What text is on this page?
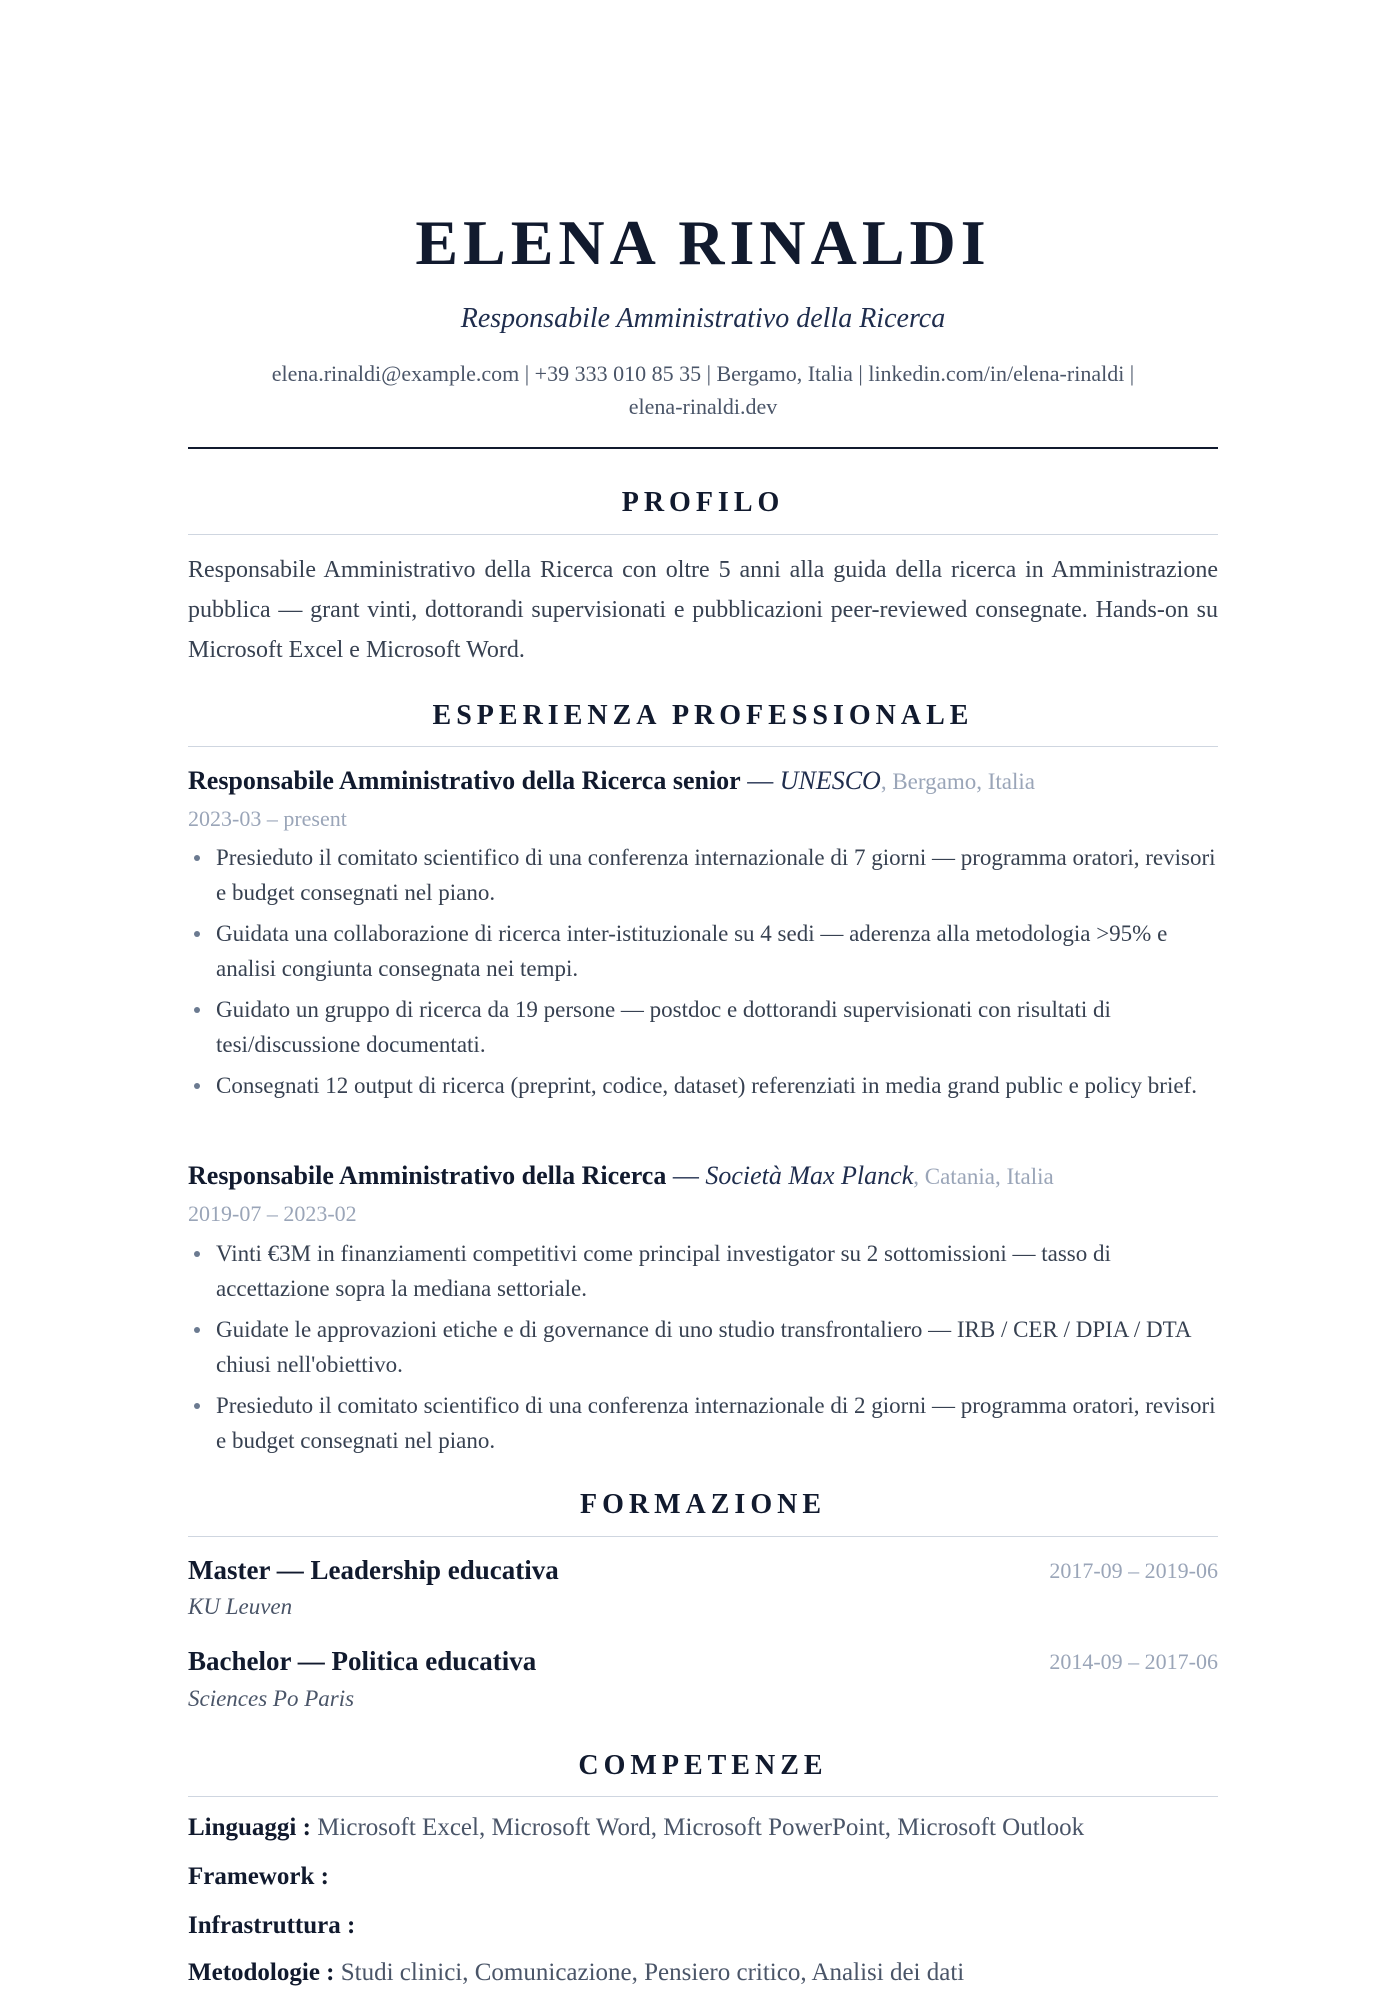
ELENA RINALDI
Responsabile Amministrativo della Ricerca
elena.rinaldi@example.com | +39 333 010 85 35 | Bergamo, Italia | linkedin.com/in/elena-rinaldi |
elena-rinaldi.dev
PROFILO

Responsabile Amministrativo della Ricerca con oltre 5 anni alla guida della ricerca in Amministrazione pubblica — grant vinti, dottorandi supervisionati e pubblicazioni peer-reviewed consegnate. Hands-on su Microsoft Excel e Microsoft Word.

ESPERIENZA PROFESSIONALE
Responsabile Amministrativo della Ricerca senior — UNESCO, Bergamo, Italia
2023-03 – present
Presieduto il comitato scientifico di una conferenza internazionale di 7 giorni — programma oratori, revisori e budget consegnati nel piano.
Guidata una collaborazione di ricerca inter-istituzionale su 4 sedi — aderenza alla metodologia >95% e analisi congiunta consegnata nei tempi.
Guidato un gruppo di ricerca da 19 persone — postdoc e dottorandi supervisionati con risultati di tesi/discussione documentati.
Consegnati 12 output di ricerca (preprint, codice, dataset) referenziati in media grand public e policy brief.
Responsabile Amministrativo della Ricerca — Società Max Planck, Catania, Italia
2019-07 – 2023-02
Vinti €3M in finanziamenti competitivi come principal investigator su 2 sottomissioni — tasso di accettazione sopra la mediana settoriale.
Guidate le approvazioni etiche e di governance di uno studio transfrontaliero — IRB / CER / DPIA / DTA chiusi nell'obiettivo.
Presieduto il comitato scientifico di una conferenza internazionale di 2 giorni — programma oratori, revisori e budget consegnati nel piano.
FORMAZIONE
Master — Leadership educativa	2017-09 – 2019-06
KU Leuven
Bachelor — Politica educativa	2014-09 – 2017-06
Sciences Po Paris
COMPETENZE
Linguaggi : Microsoft Excel, Microsoft Word, Microsoft PowerPoint, Microsoft Outlook
Framework :
Infrastruttura :
Metodologie : Studi clinici, Comunicazione, Pensiero critico, Analisi dei dati
